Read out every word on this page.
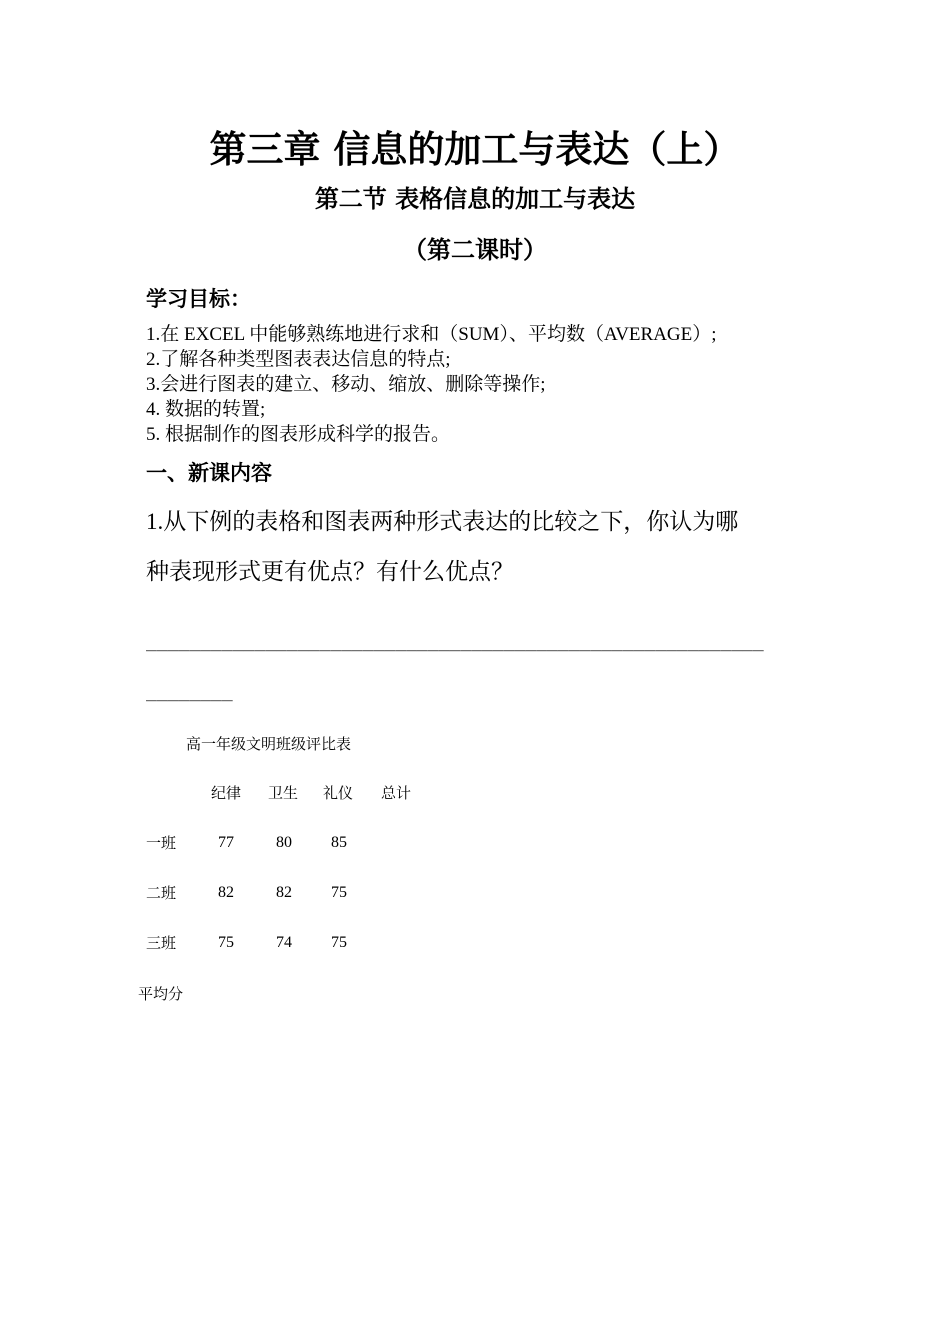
第三章 信息的加工与表达（上）
第二节 表格信息的加工与表达
（第二课时）
学习目标：
1.在 EXCEL 中能够熟练地进行求和（SUM）、平均数（AVERAGE）;
2.了解各种类型图表表达信息的特点;
3.会进行图表的建立、移动、缩放、删除等操作;
4. 数据的转置;
5. 根据制作的图表形成科学的报告。
一、新课内容
1.从下例的表格和图表两种形式表达的比较之下，你认为哪
种表现形式更有优点？有什么优点？
_________________________________________________________
________
高一年级文明班级评比表
纪律 卫生 礼仪 总计
一班	77	80 85
二班	82	82 75
三班	75	74 75
平均分
